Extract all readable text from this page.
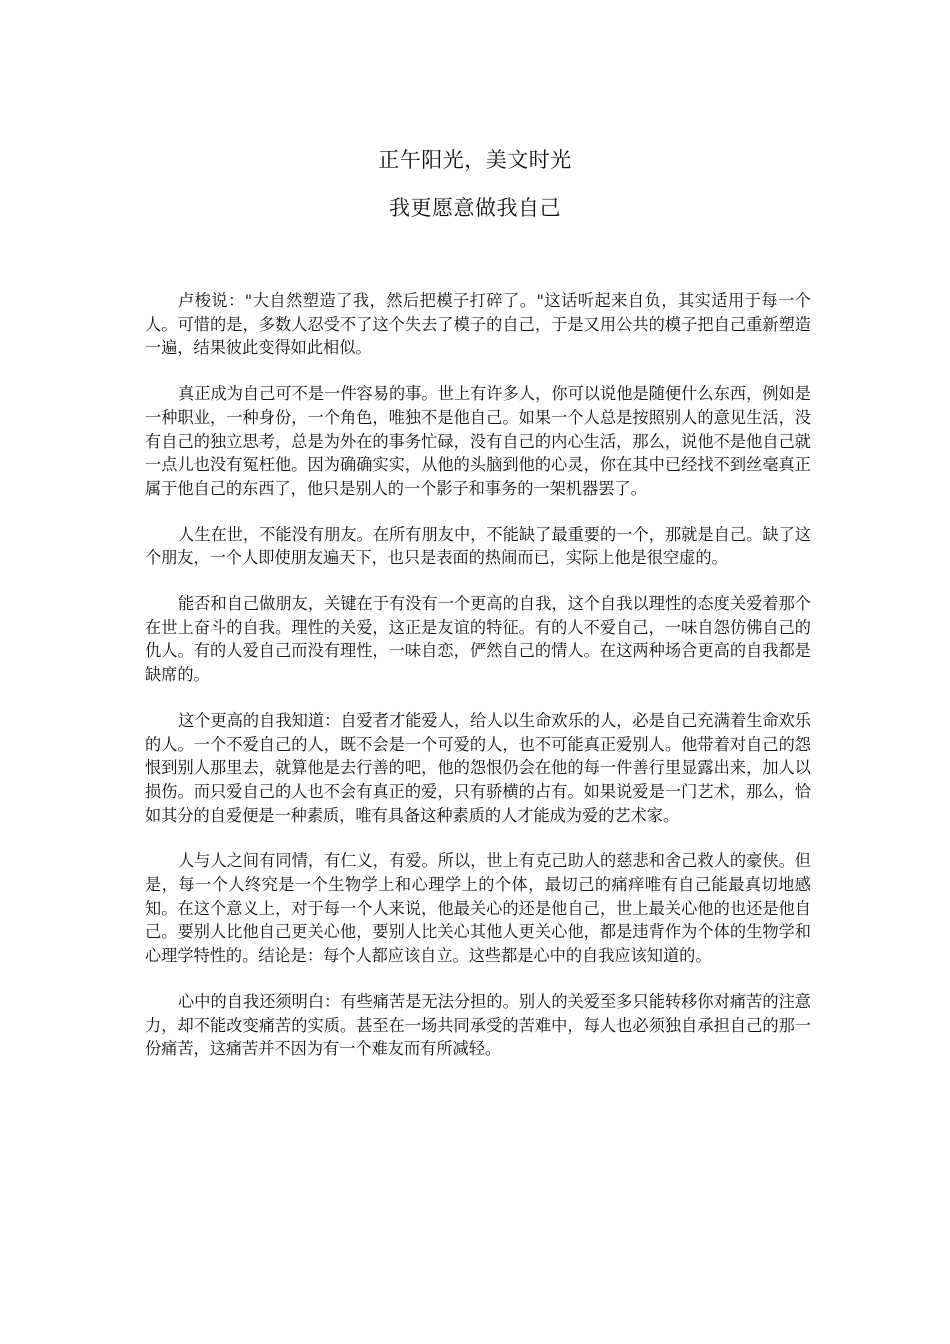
正午阳光，美文时光
我更愿意做我自己

卢梭说："大自然塑造了我，然后把模子打碎了。"这话听起来自负，其实适用于每一个人。可惜的是，多数人忍受不了这个失去了模子的自己，于是又用公共的模子把自己重新塑造一遍，结果彼此变得如此相似。

真正成为自己可不是一件容易的事。世上有许多人，你可以说他是随便什么东西，例如是一种职业，一种身份，一个角色，唯独不是他自己。如果一个人总是按照别人的意见生活，没有自己的独立思考，总是为外在的事务忙碌，没有自己的内心生活，那么，说他不是他自己就一点儿也没有冤枉他。因为确确实实，从他的头脑到他的心灵，你在其中已经找不到丝毫真正属于他自己的东西了，他只是别人的一个影子和事务的一架机器罢了。

人生在世，不能没有朋友。在所有朋友中，不能缺了最重要的一个，那就是自己。缺了这个朋友，一个人即使朋友遍天下，也只是表面的热闹而已，实际上他是很空虚的。

能否和自己做朋友，关键在于有没有一个更高的自我，这个自我以理性的态度关爱着那个在世上奋斗的自我。理性的关爱，这正是友谊的特征。有的人不爱自己，一味自怨仿佛自己的仇人。有的人爱自己而没有理性，一味自恋，俨然自己的情人。在这两种场合更高的自我都是缺席的。

这个更高的自我知道：自爱者才能爱人，给人以生命欢乐的人，必是自己充满着生命欢乐的人。一个不爱自己的人，既不会是一个可爱的人，也不可能真正爱别人。他带着对自己的怨恨到别人那里去，就算他是去行善的吧，他的怨恨仍会在他的每一件善行里显露出来，加人以损伤。而只爱自己的人也不会有真正的爱，只有骄横的占有。如果说爱是一门艺术，那么，恰如其分的自爱便是一种素质，唯有具备这种素质的人才能成为爱的艺术家。

人与人之间有同情，有仁义，有爱。所以，世上有克己助人的慈悲和舍己救人的豪侠。但是，每一个人终究是一个生物学上和心理学上的个体，最切己的痛痒唯有自己能最真切地感知。在这个意义上，对于每一个人来说，他最关心的还是他自己，世上最关心他的也还是他自己。要别人比他自己更关心他，要别人比关心其他人更关心他，都是违背作为个体的生物学和心理学特性的。结论是：每个人都应该自立。这些都是心中的自我应该知道的。

心中的自我还须明白：有些痛苦是无法分担的。别人的关爱至多只能转移你对痛苦的注意力，却不能改变痛苦的实质。甚至在一场共同承受的苦难中，每人也必须独自承担自己的那一份痛苦，这痛苦并不因为有一个难友而有所减轻。
